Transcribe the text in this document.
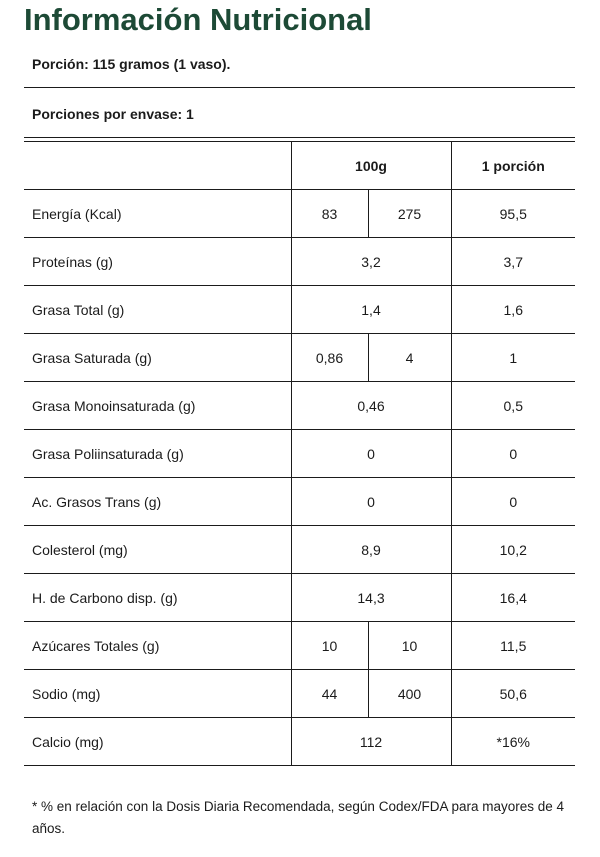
Información Nutricional
Porción: 115 gramos (1 vaso).
Porciones por envase: 1
	100g		1 porción
Energía (Kcal)	83	275	95,5
Proteínas (g)	3,2		3,7
Grasa Total (g)	1,4		1,6
Grasa Saturada (g)	0,86	4	1
Grasa Monoinsaturada (g)	0,46		0,5
Grasa Poliinsaturada (g)	0		0
Ac. Grasos Trans (g)	0		0
Colesterol (mg)	8,9		10,2
H. de Carbono disp. (g)	14,3		16,4
Azúcares Totales (g)	10	10	11,5
Sodio (mg)	44	400	50,6
Calcio (mg)	112		*16%

* % en relación con la Dosis Diaria Recomendada, según Codex/FDA para mayores de 4 años.
